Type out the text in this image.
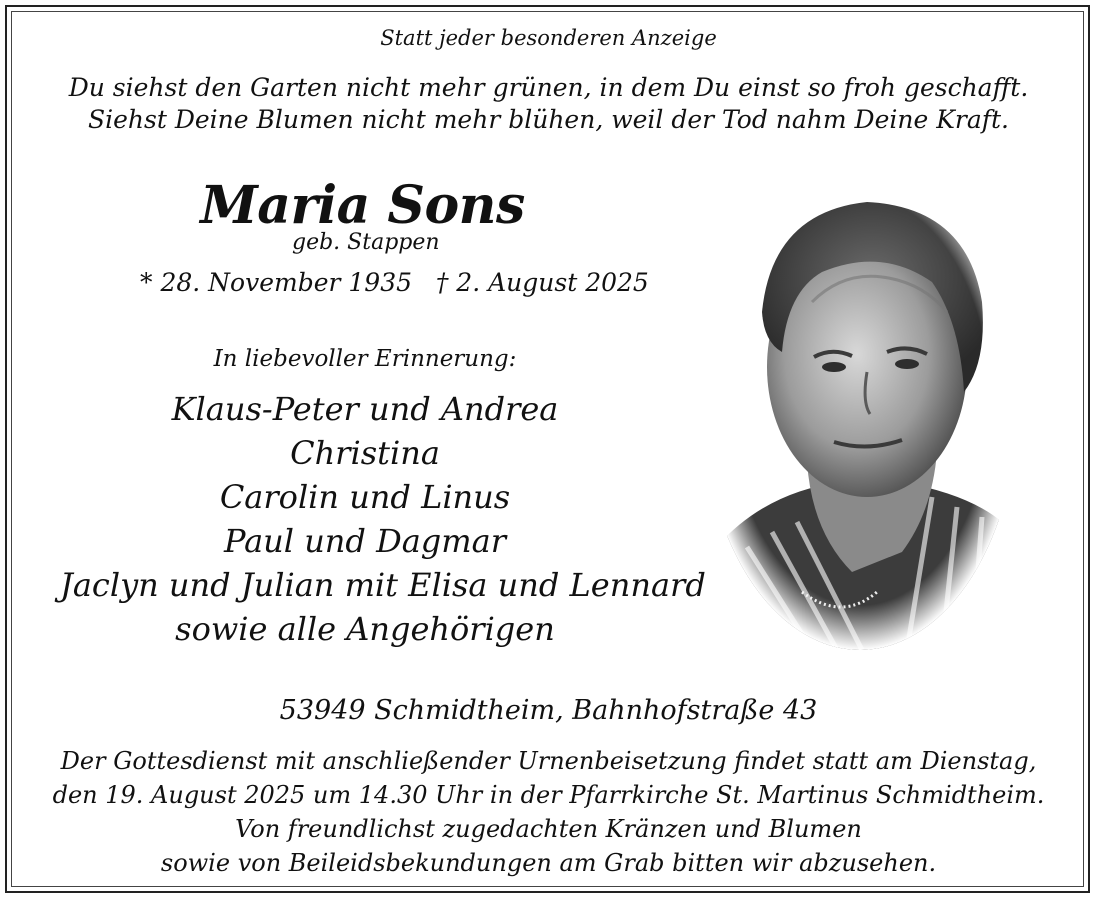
Statt jeder besonderen Anzeige
Du siehst den Garten nicht mehr grünen, in dem Du einst so froh geschafft.
Siehst Deine Blumen nicht mehr blühen, weil der Tod nahm Deine Kraft.
Maria Sons
geb. Stappen
* 28. November 1935   † 2. August 2025
In liebevoller Erinnerung:
Klaus-Peter und Andrea
Christina
Carolin und Linus
Paul und Dagmar
Jaclyn und Julian mit Elisa und Lennard
sowie alle Angehörigen
53949 Schmidtheim, Bahnhofstraße 43
Der Gottesdienst mit anschließender Urnenbeisetzung findet statt am Dienstag,
den 19. August 2025 um 14.30 Uhr in der Pfarrkirche St. Martinus Schmidtheim.
Von freundlichst zugedachten Kränzen und Blumen
sowie von Beileidsbekundungen am Grab bitten wir abzusehen.
